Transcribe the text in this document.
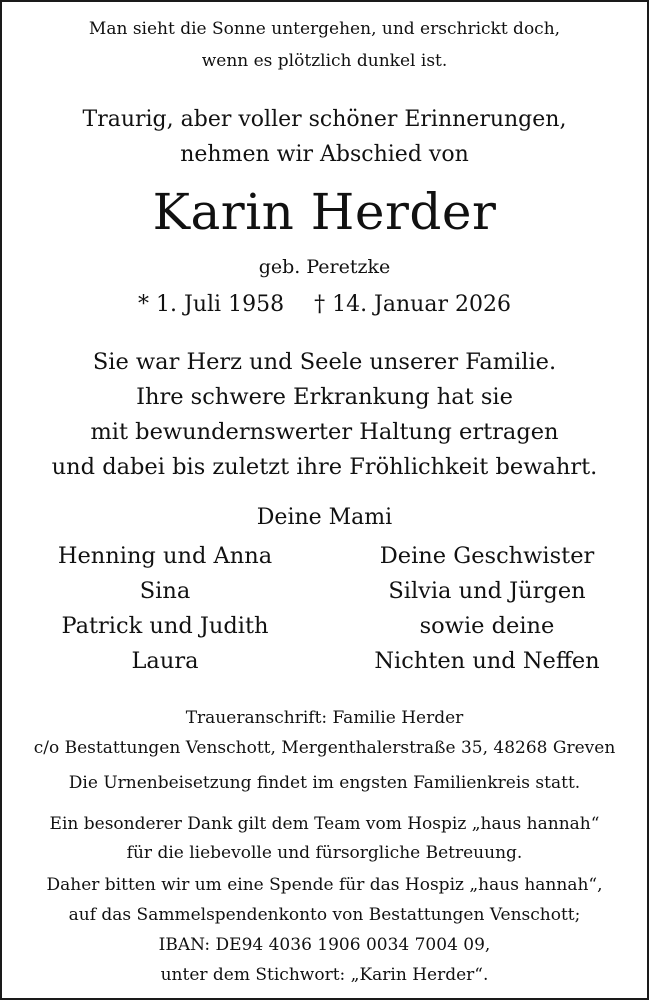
Man sieht die Sonne untergehen, und erschrickt doch,
wenn es plötzlich dunkel ist.
Traurig, aber voller schöner Erinnerungen,
nehmen wir Abschied von
Karin Herder
geb. Peretzke
* 1. Juli 1958 † 14. Januar 2026
Sie war Herz und Seele unserer Familie.
Ihre schwere Erkrankung hat sie
mit bewundernswerter Haltung ertragen
und dabei bis zuletzt ihre Fröhlichkeit bewahrt.
Deine Mami
Henning und Anna
Sina
Patrick und Judith
Laura
Deine Geschwister
Silvia und Jürgen
sowie deine
Nichten und Neffen
Traueranschrift: Familie Herder
c/o Bestattungen Venschott, Mergenthalerstraße 35, 48268 Greven
Die Urnenbeisetzung findet im engsten Familienkreis statt.
Ein besonderer Dank gilt dem Team vom Hospiz „haus hannah“
für die liebevolle und fürsorgliche Betreuung.
Daher bitten wir um eine Spende für das Hospiz „haus hannah“,
auf das Sammelspendenkonto von Bestattungen Venschott;
IBAN: DE94 4036 1906 0034 7004 09,
unter dem Stichwort: „Karin Herder“.
